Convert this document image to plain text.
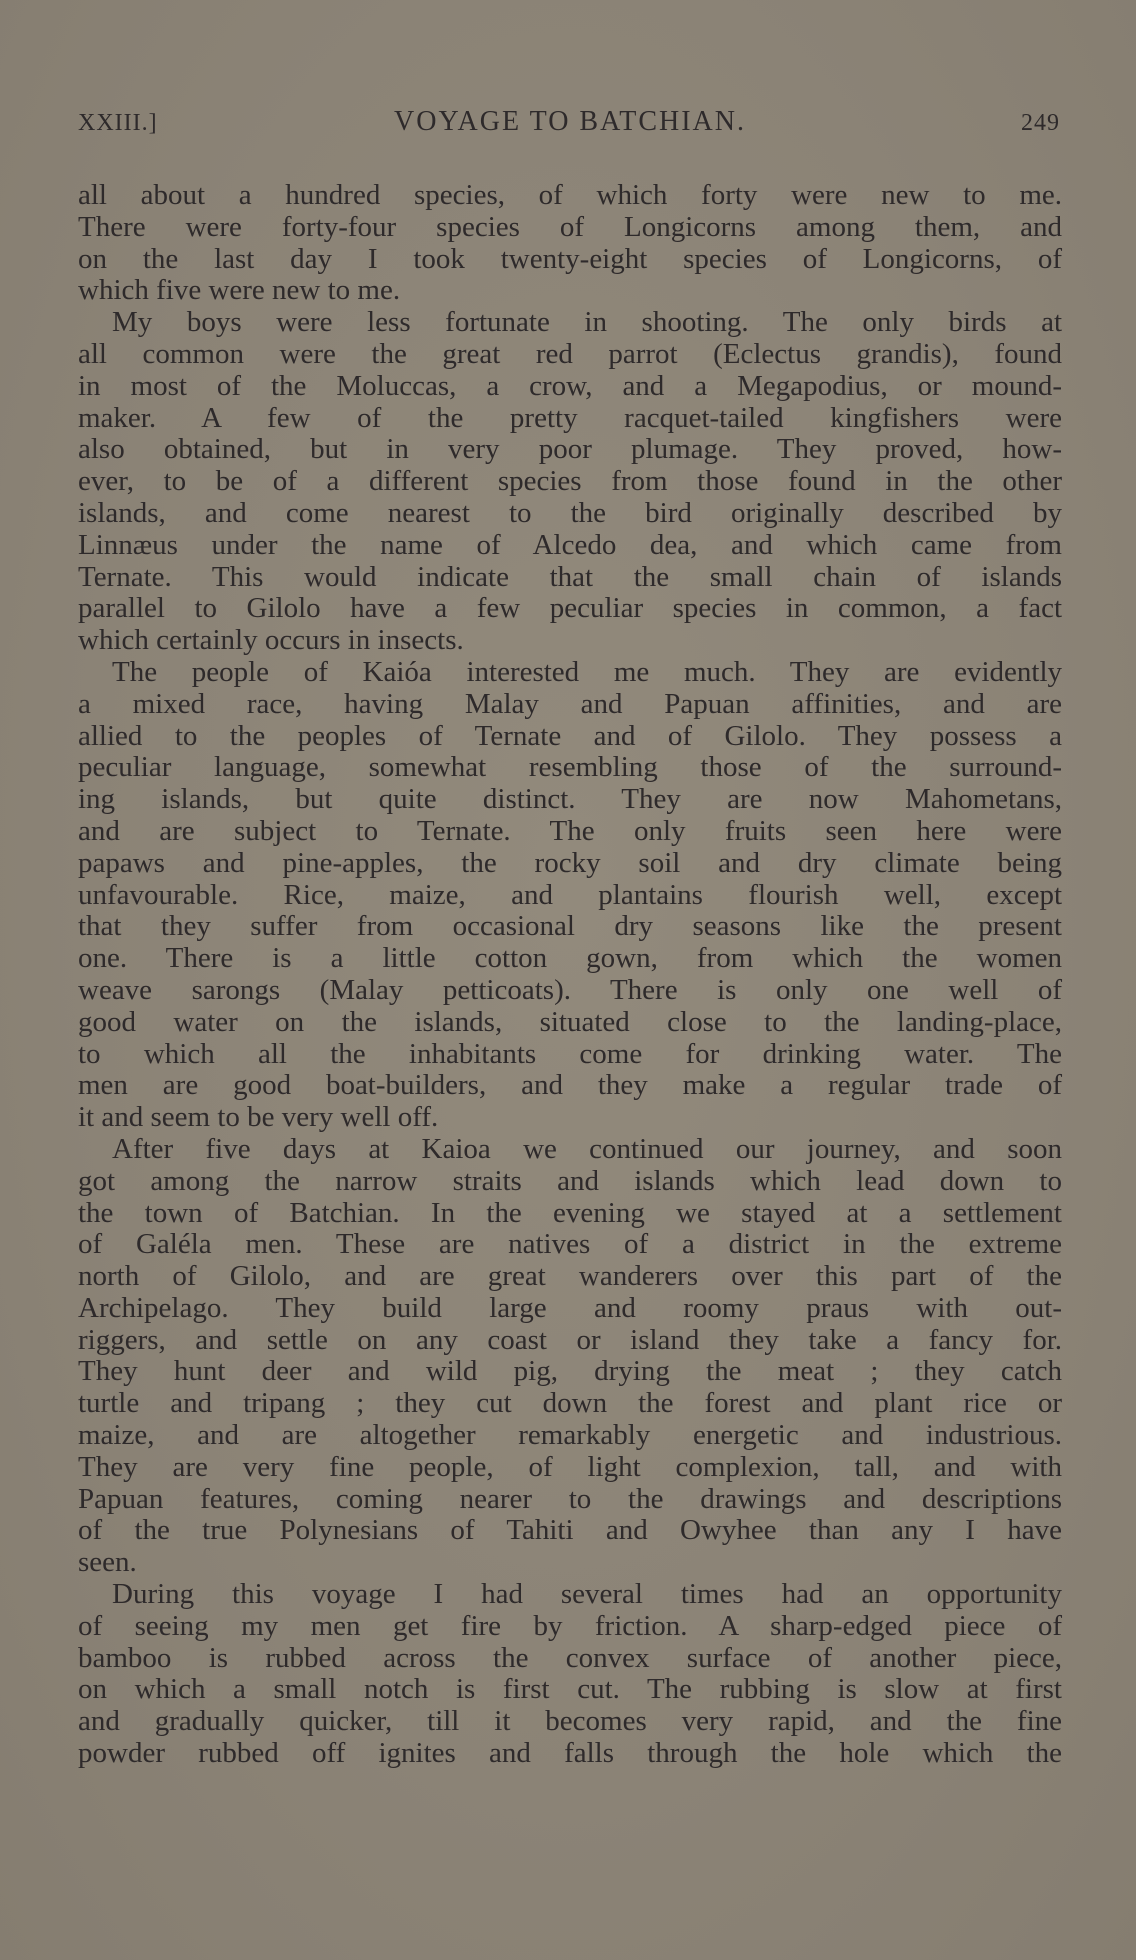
XXIII.]	VOYAGE TO BATCHIAN.	249
all about a hundred species, of which forty were new to me.
There were forty-four species of Longicorns among them, and
on the last day I took twenty-eight species of Longicorns, of
which five were new to me.
My boys were less fortunate in shooting. The only birds at
all common were the great red parrot (Eclectus grandis), found
in most of the Moluccas, a crow, and a Megapodius, or mound-
maker. A few of the pretty racquet-tailed kingfishers were
also obtained, but in very poor plumage. They proved, how-
ever, to be of a different species from those found in the other
islands, and come nearest to the bird originally described by
Linnæus under the name of Alcedo dea, and which came from
Ternate. This would indicate that the small chain of islands
parallel to Gilolo have a few peculiar species in common, a fact
which certainly occurs in insects.
The people of Kaióa interested me much. They are evidently
a mixed race, having Malay and Papuan affinities, and are
allied to the peoples of Ternate and of Gilolo. They possess a
peculiar language, somewhat resembling those of the surround-
ing islands, but quite distinct. They are now Mahometans,
and are subject to Ternate. The only fruits seen here were
papaws and pine-apples, the rocky soil and dry climate being
unfavourable. Rice, maize, and plantains flourish well, except
that they suffer from occasional dry seasons like the present
one. There is a little cotton gown, from which the women
weave sarongs (Malay petticoats). There is only one well of
good water on the islands, situated close to the landing-place,
to which all the inhabitants come for drinking water. The
men are good boat-builders, and they make a regular trade of
it and seem to be very well off.
After five days at Kaioa we continued our journey, and soon
got among the narrow straits and islands which lead down to
the town of Batchian. In the evening we stayed at a settlement
of Galéla men. These are natives of a district in the extreme
north of Gilolo, and are great wanderers over this part of the
Archipelago. They build large and roomy praus with out-
riggers, and settle on any coast or island they take a fancy for.
They hunt deer and wild pig, drying the meat ; they catch
turtle and tripang ; they cut down the forest and plant rice or
maize, and are altogether remarkably energetic and industrious.
They are very fine people, of light complexion, tall, and with
Papuan features, coming nearer to the drawings and descriptions
of the true Polynesians of Tahiti and Owyhee than any I have
seen.
During this voyage I had several times had an opportunity
of seeing my men get fire by friction. A sharp-edged piece of
bamboo is rubbed across the convex surface of another piece,
on which a small notch is first cut. The rubbing is slow at first
and gradually quicker, till it becomes very rapid, and the fine
powder rubbed off ignites and falls through the hole which the
